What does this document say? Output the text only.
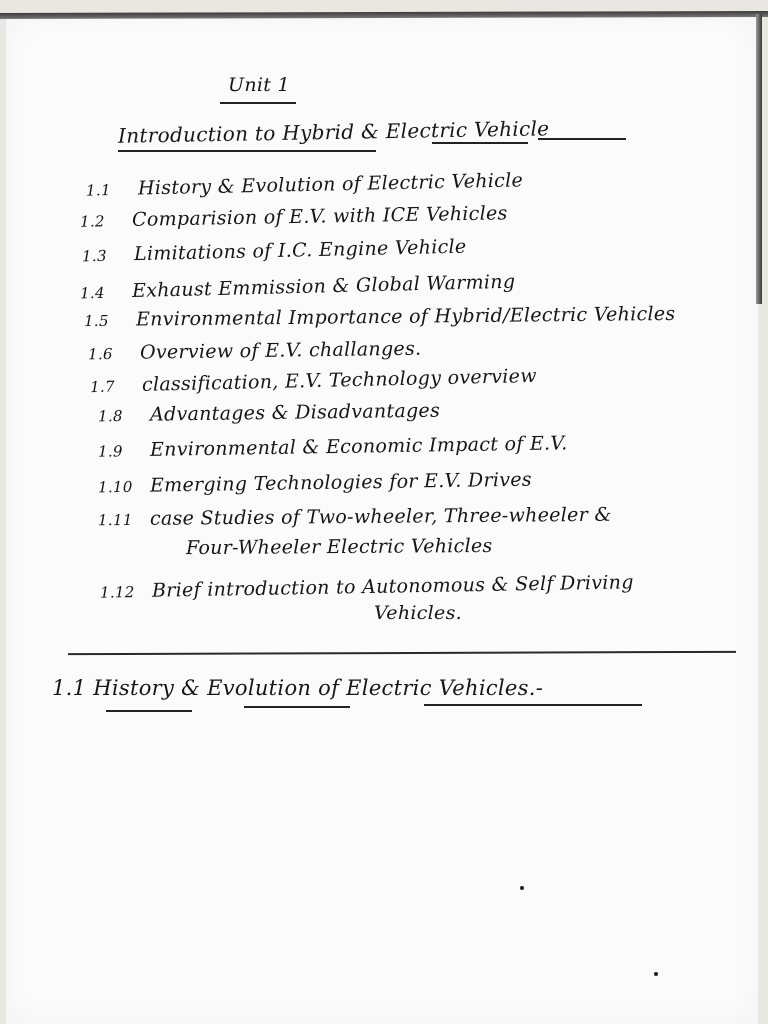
Unit 1
Introduction to Hybrid & Electric Vehicle
1.1 History & Evolution of Electric Vehicle
1.2 Comparision of E.V. with ICE Vehicles
1.3 Limitations of I.C. Engine Vehicle
1.4 Exhaust Emmission & Global Warming
1.5 Environmental Importance of Hybrid/Electric Vehicles
1.6 Overview of E.V. challanges.
1.7 classification, E.V. Technology overview
1.8 Advantages & Disadvantages
1.9 Environmental & Economic Impact of E.V.
1.10 Emerging Technologies for E.V. Drives
1.11 case Studies of Two-wheeler, Three-wheeler &
Four-Wheeler Electric Vehicles
1.12 Brief introduction to Autonomous & Self Driving
Vehicles.
1.1 History & Evolution of Electric Vehicles.-
